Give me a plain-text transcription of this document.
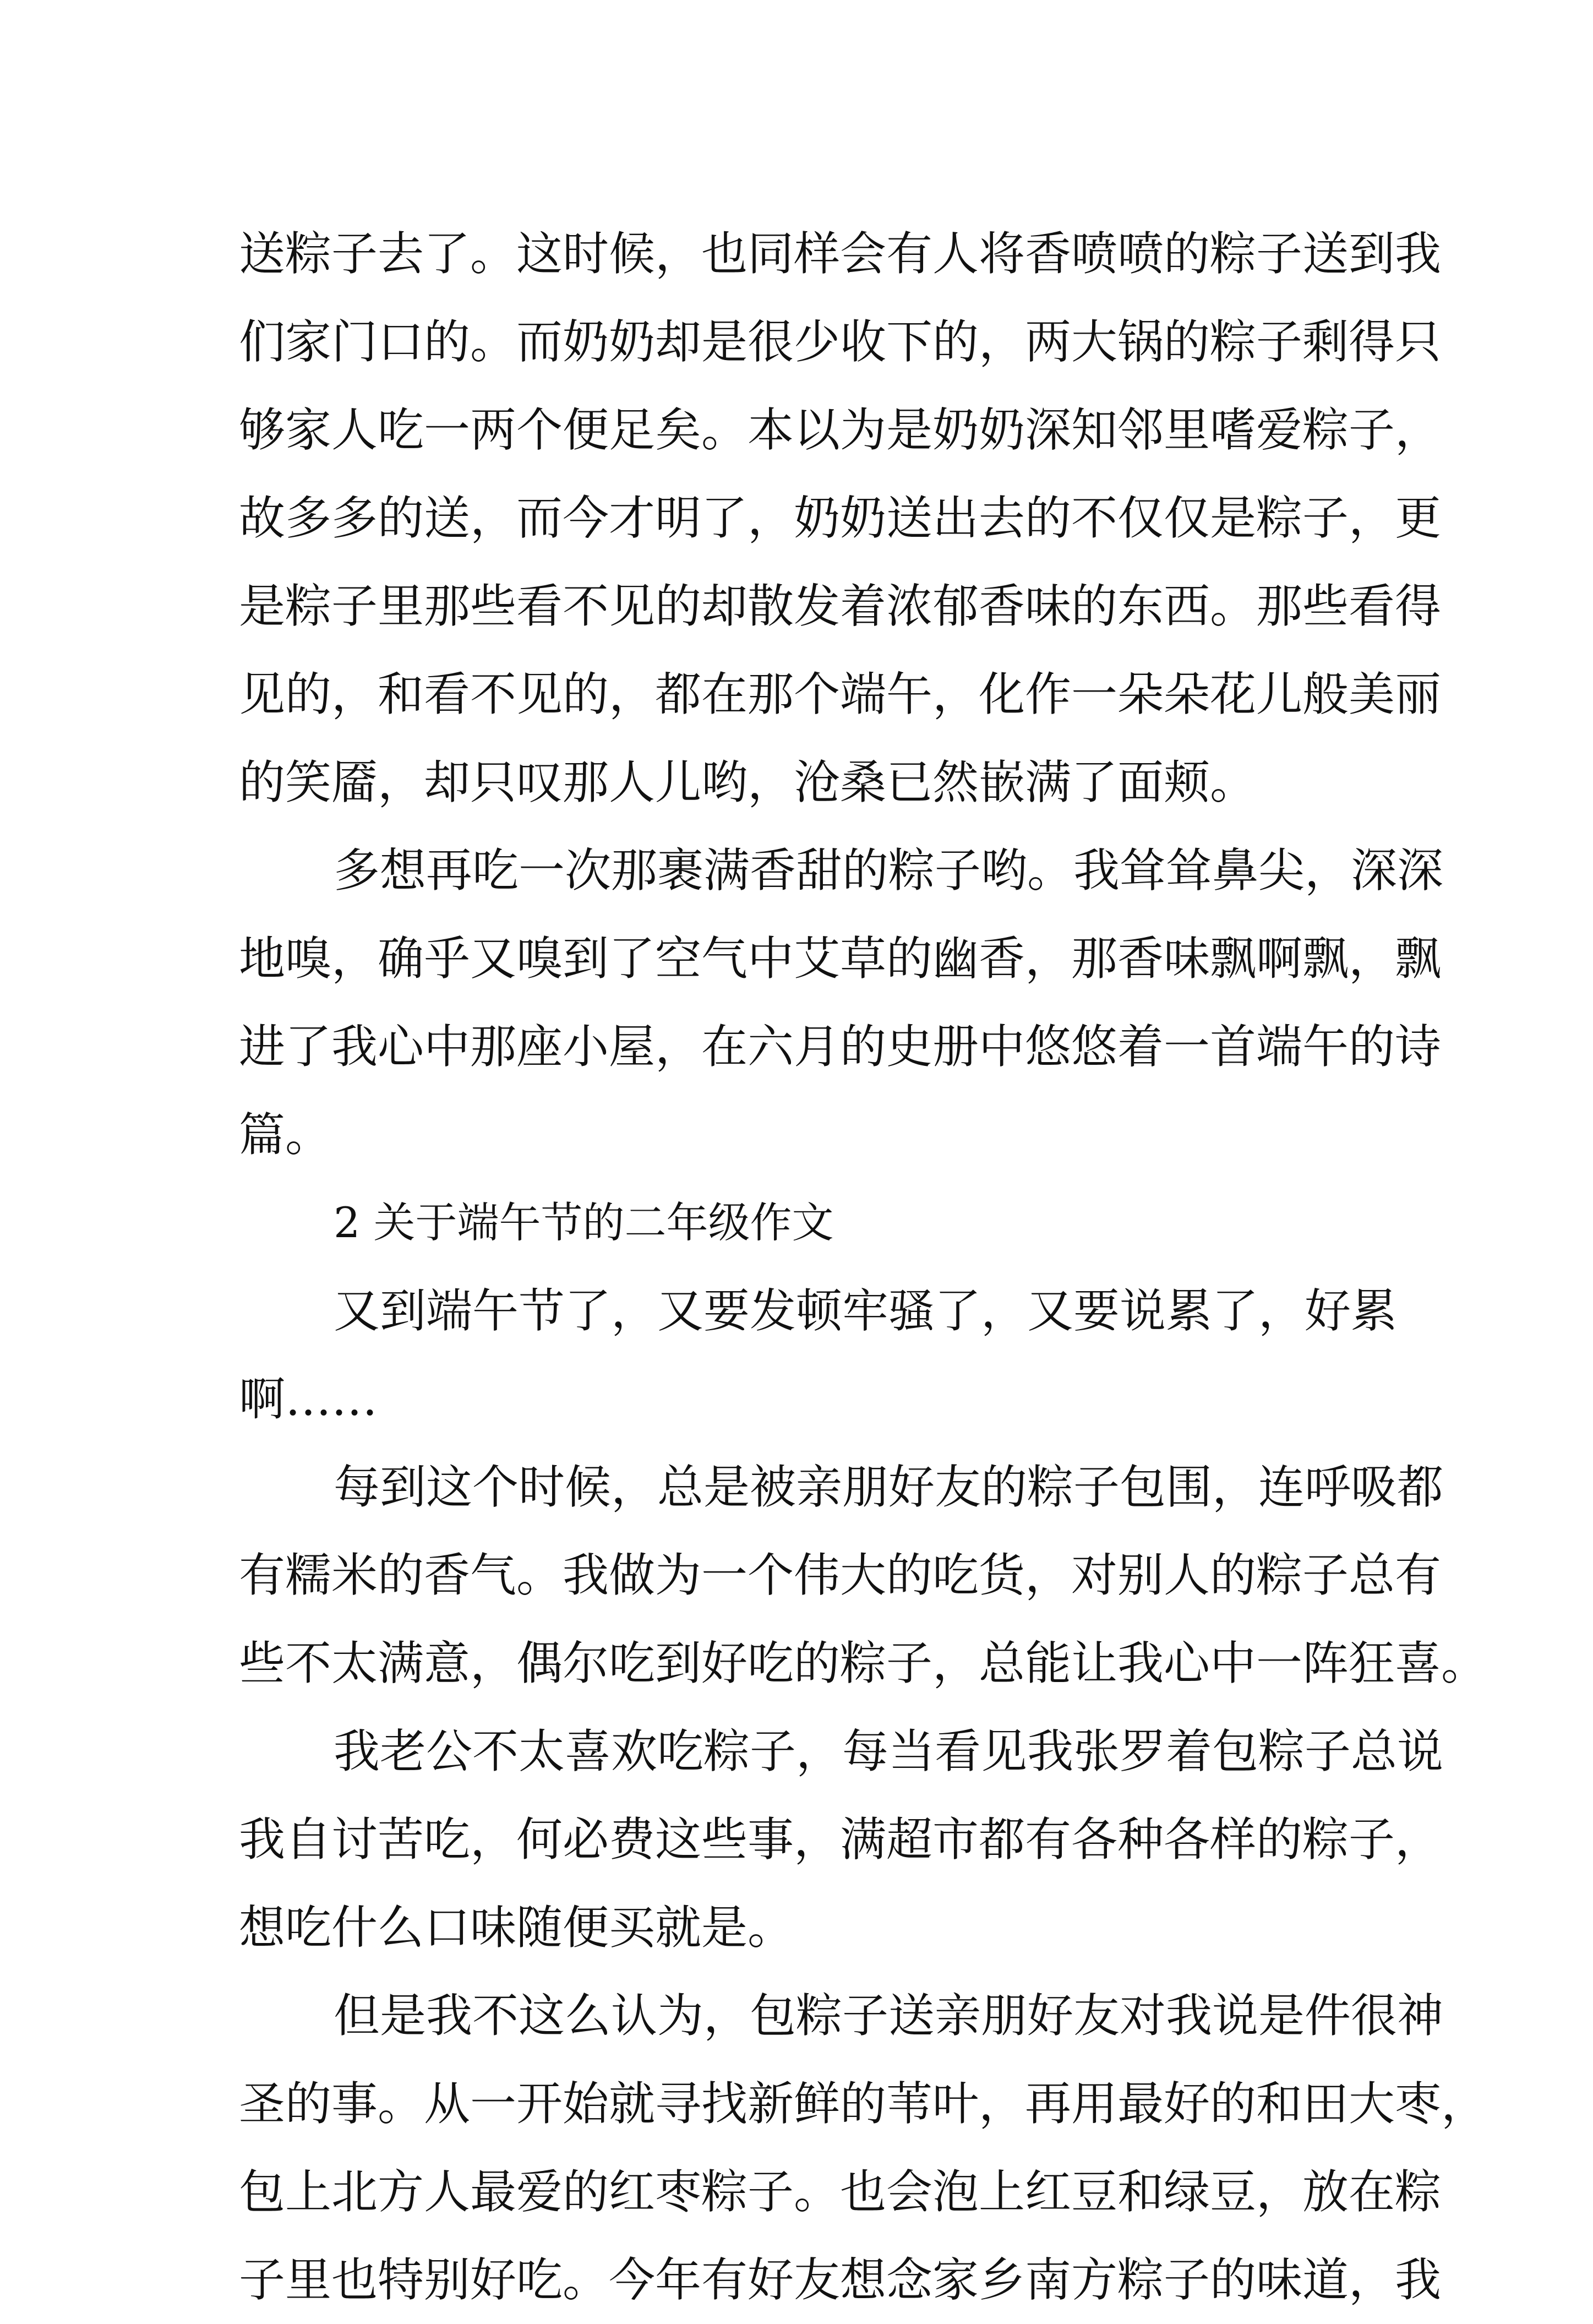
送粽子去了。这时候，也同样会有人将香喷喷的粽子送到我
们家门口的。而奶奶却是很少收下的，两大锅的粽子剩得只
够家人吃一两个便足矣。本以为是奶奶深知邻里嗜爱粽子，
故多多的送，而今才明了，奶奶送出去的不仅仅是粽子，更
是粽子里那些看不见的却散发着浓郁香味的东西。那些看得
见的，和看不见的，都在那个端午，化作一朵朵花儿般美丽
的笑靥，却只叹那人儿哟，沧桑已然嵌满了面颊。
多想再吃一次那裹满香甜的粽子哟。我耸耸鼻尖，深深
地嗅，确乎又嗅到了空气中艾草的幽香，那香味飘啊飘，飘
进了我心中那座小屋，在六月的史册中悠悠着一首端午的诗
篇。
2 关于端午节的二年级作文
又到端午节了，又要发顿牢骚了，又要说累了，好累
啊……
每到这个时候，总是被亲朋好友的粽子包围，连呼吸都
有糯米的香气。我做为一个伟大的吃货，对别人的粽子总有
些不太满意，偶尔吃到好吃的粽子，总能让我心中一阵狂喜。
我老公不太喜欢吃粽子，每当看见我张罗着包粽子总说
我自讨苦吃，何必费这些事，满超市都有各种各样的粽子，
想吃什么口味随便买就是。
但是我不这么认为，包粽子送亲朋好友对我说是件很神
圣的事。从一开始就寻找新鲜的苇叶，再用最好的和田大枣，
包上北方人最爱的红枣粽子。也会泡上红豆和绿豆，放在粽
子里也特别好吃。今年有好友想念家乡南方粽子的味道，我
